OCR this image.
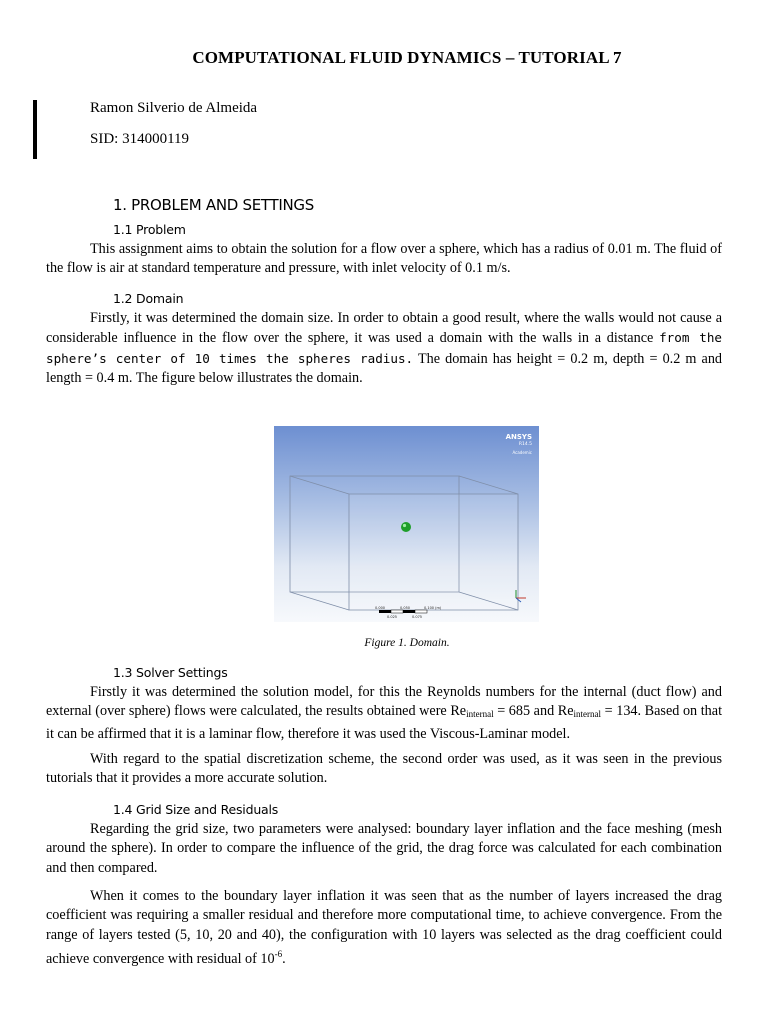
COMPUTATIONAL FLUID DYNAMICS – TUTORIAL 7
Ramon Silverio de Almeida
SID: 314000119
1. PROBLEM AND SETTINGS
1.1 Problem
This assignment aims to obtain the solution for a flow over a sphere, which has a radius of 0.01 m. The fluid of the flow is air at standard temperature and pressure, with inlet velocity of 0.1 m/s.
1.2 Domain
Firstly, it was determined the domain size. In order to obtain a good result, where the walls would not cause a considerable influence in the flow over the sphere, it was used a domain with the walls in a distance from the sphere’s center of 10 times the spheres radius. The domain has height = 0.2 m, depth = 0.2 m and length = 0.4 m. The figure below illustrates the domain.
ANSYS
R14.5
Academic
0.000	0.050	0.100 (m)
0.025	0.075
Figure 1. Domain.
1.3 Solver Settings
Firstly it was determined the solution model, for this the Reynolds numbers for the internal (duct flow) and external (over sphere) flows were calculated, the results obtained were $Re_{internal} = 685$ and $Re_{internal} = 134$. Based on that it can be affirmed that it is a laminar flow, therefore it was used the Viscous-Laminar model.
With regard to the spatial discretization scheme, the second order was used, as it was seen in the previous tutorials that it provides a more accurate solution.
1.4 Grid Size and Residuals
Regarding the grid size, two parameters were analysed: boundary layer inflation and the face meshing (mesh around the sphere). In order to compare the influence of the grid, the drag force was calculated for each combination and then compared.
When it comes to the boundary layer inflation it was seen that as the number of layers increased the drag coefficient was requiring a smaller residual and therefore more computational time, to achieve convergence. From the range of layers tested (5, 10, 20 and 40), the configuration with 10 layers was selected as the drag coefficient could achieve convergence with residual of $10^{-6}$.
